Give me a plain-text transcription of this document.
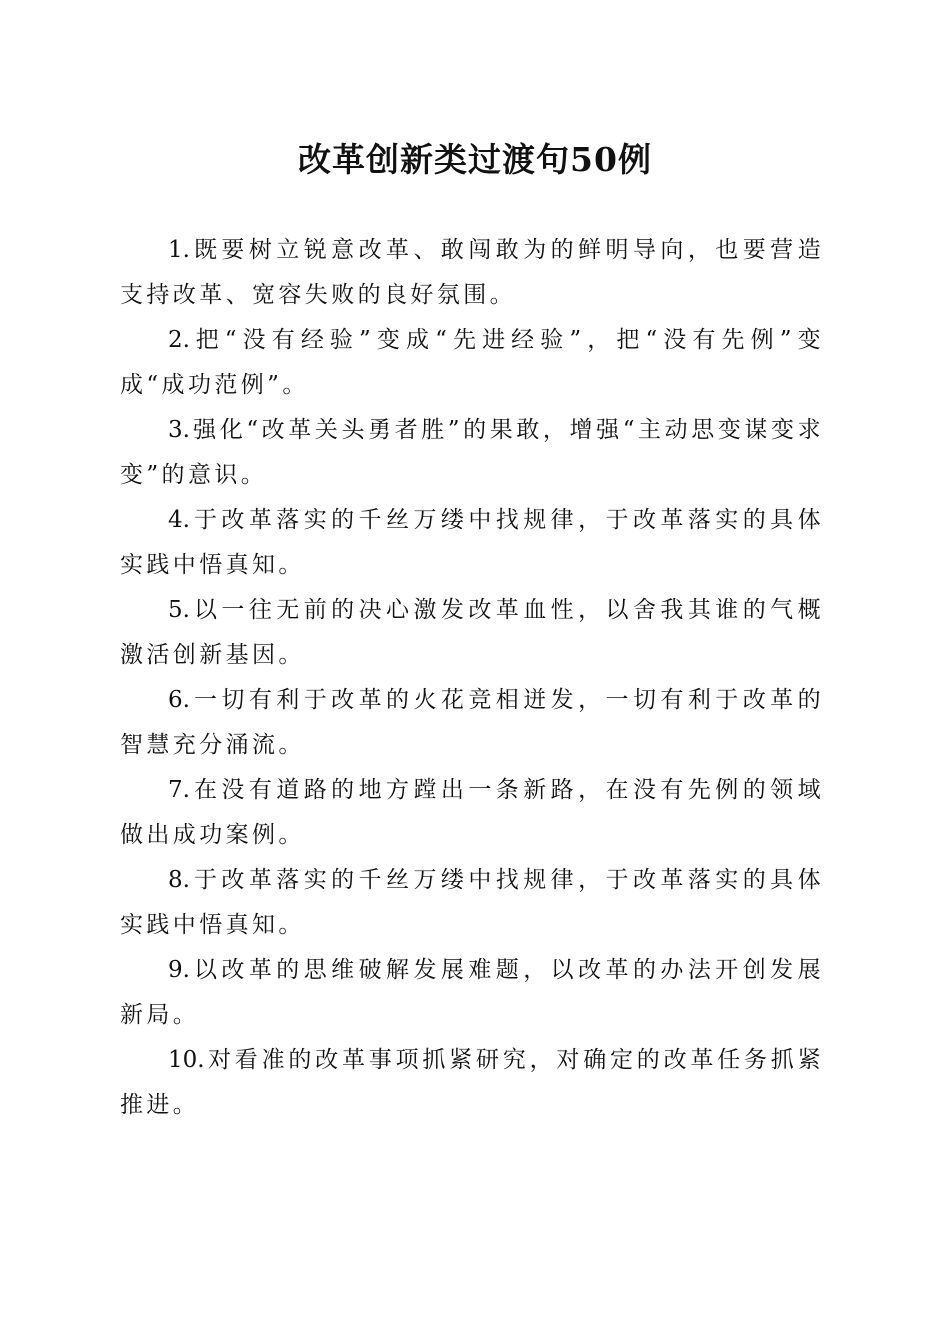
改革创新类过渡句50例

1. 既要树立锐意改革、敢闯敢为的鲜明导向，也要营造支持改革、宽容失败的良好氛围。

2. 把“没有经验”变成“先进经验”，把“没有先例”变成“成功范例”。

3. 强化“改革关头勇者胜”的果敢，增强“主动思变谋变求变”的意识。

4. 于改革落实的千丝万缕中找规律，于改革落实的具体实践中悟真知。

5. 以一往无前的决心激发改革血性，以舍我其谁的气概激活创新基因。

6. 一切有利于改革的火花竞相迸发，一切有利于改革的智慧充分涌流。

7. 在没有道路的地方蹚出一条新路，在没有先例的领域做出成功案例。

8. 于改革落实的千丝万缕中找规律，于改革落实的具体实践中悟真知。

9. 以改革的思维破解发展难题，以改革的办法开创发展新局。

10. 对看准的改革事项抓紧研究，对确定的改革任务抓紧推进。
